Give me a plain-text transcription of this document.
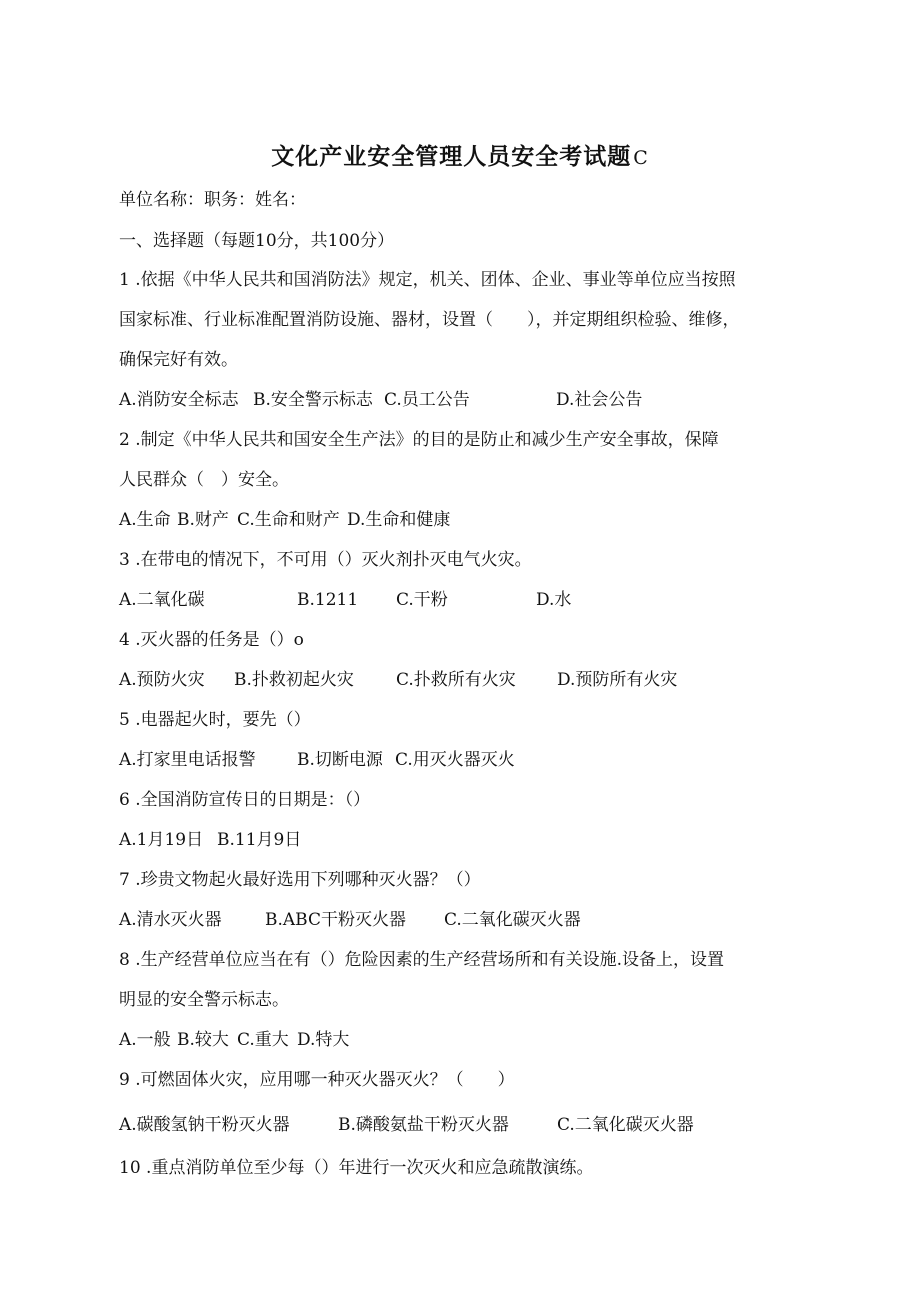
文化产业安全管理人员安全考试题 C
单位名称：职务：姓名：
一、选择题（每题10分，共100分）
1 .依据《中华人民共和国消防法》规定，机关、团体、企业、事业等单位应当按照
国家标准、行业标准配置消防设施、器材，设置（　　），并定期组织检验、维修，
确保完好有效。
A.消防安全标志 B.安全警示标志 C.员工公告	D.社会公告
2 .制定《中华人民共和国安全生产法》的目的是防止和减少生产安全事故，保障
人民群众（　）安全。
A.生命 B.财产 C.生命和财产 D.生命和健康
3 .在带电的情况下，不可用（）灭火剂扑灭电气火灾。
A.二氧化碳	B.1211 C.干粉	D.水
4 .灭火器的任务是（）o
A.预防火灾 B.扑救初起火灾 C.扑救所有火灾 D.预防所有火灾
5 .电器起火时，要先（）
A.打家里电话报警 B.切断电源 C.用灭火器灭火
6 .全国消防宣传日的日期是：（）
A.1月19日 B.11月9日
7 .珍贵文物起火最好选用下列哪种灭火器？（）
A.清水灭火器	B.ABC干粉灭火器 C.二氧化碳灭火器
8 .生产经营单位应当在有（）危险因素的生产经营场所和有关设施.设备上，设置
明显的安全警示标志。
A.一般 B.较大 C.重大 D.特大
9 .可燃固体火灾，应用哪一种灭火器灭火？（　　）
A.碳酸氢钠干粉灭火器	B.磷酸氨盐干粉灭火器	C.二氧化碳灭火器
10 .重点消防单位至少每（）年进行一次灭火和应急疏散演练。
